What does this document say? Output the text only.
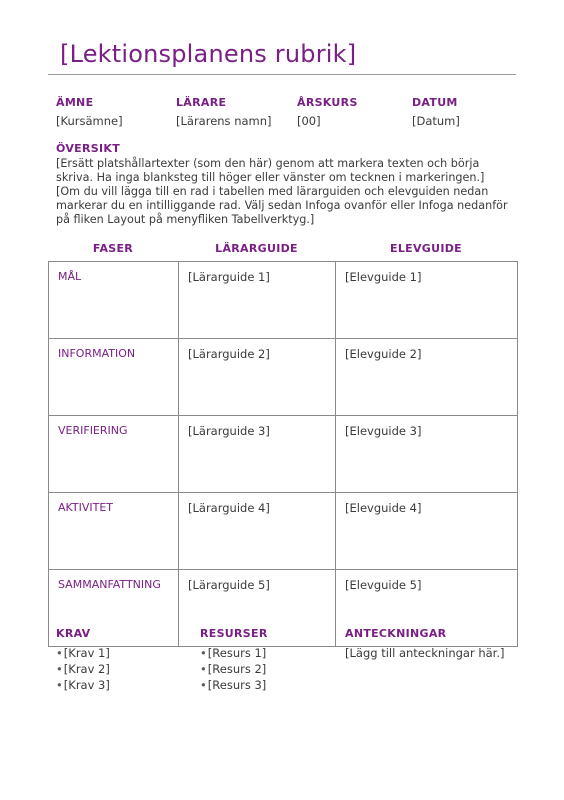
[Lektionsplanens rubrik]
ÄMNE
[Kursämne]
LÄRARE
[Lärarens namn]
ÅRSKURS
[00]
DATUM
[Datum]
ÖVERSIKT
[Ersätt platshållartexter (som den här) genom att markera texten och börja skriva. Ha inga blanksteg till höger eller vänster om tecknen i markeringen.]
[Om du vill lägga till en rad i tabellen med lärarguiden och elevguiden nedan markerar du en intilliggande rad. Välj sedan Infoga ovanför eller Infoga nedanför på fliken Layout på menyfliken Tabellverktyg.]
FASER	LÄRARGUIDE	ELEVGUIDE
MÅL	[Lärarguide 1]	[Elevguide 1]
INFORMATION	[Lärarguide 2]	[Elevguide 2]
VERIFIERING	[Lärarguide 3]	[Elevguide 3]
AKTIVITET	[Lärarguide 4]	[Elevguide 4]
SAMMANFATTNING	[Lärarguide 5]	[Elevguide 5]
KRAV
•[Krav 1]
•[Krav 2]
•[Krav 3]
RESURSER
•[Resurs 1]
•[Resurs 2]
•[Resurs 3]
ANTECKNINGAR
[Lägg till anteckningar här.]
